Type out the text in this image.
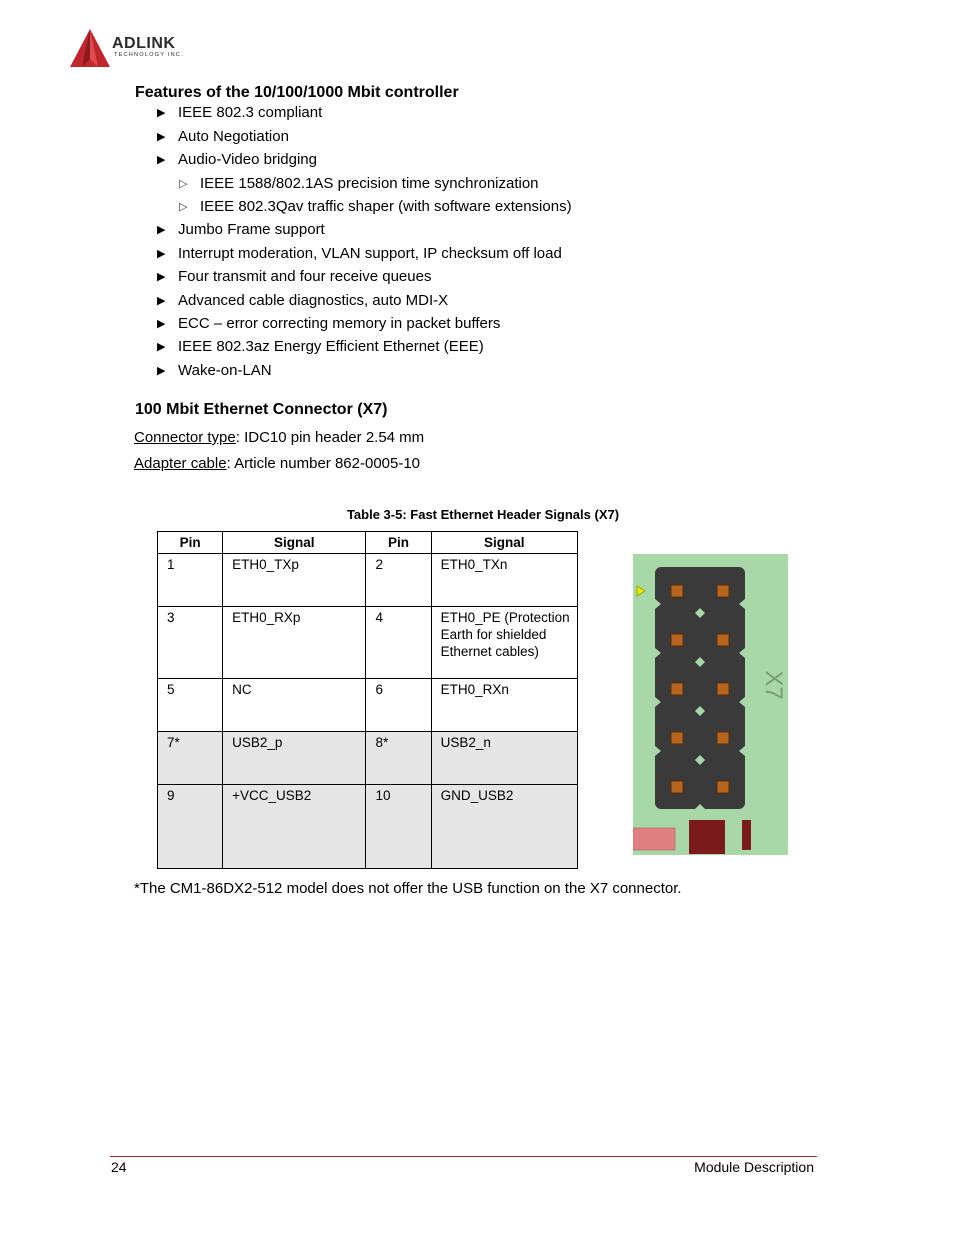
ADLINK
TECHNOLOGY INC.
Features of the 10/100/1000 Mbit controller
▶ IEEE 802.3 compliant
▶ Auto Negotiation
▶ Audio-Video bridging
▷ IEEE 1588/802.1AS precision time synchronization
▷ IEEE 802.3Qav traffic shaper (with software extensions)
▶ Jumbo Frame support
▶ Interrupt moderation, VLAN support, IP checksum off load
▶ Four transmit and four receive queues
▶ Advanced cable diagnostics, auto MDI-X
▶ ECC – error correcting memory in packet buffers
▶ IEEE 802.3az Energy Efficient Ethernet (EEE)
▶ Wake-on-LAN
100 Mbit Ethernet Connector (X7)
Connector type: IDC10 pin header 2.54 mm
Adapter cable: Article number 862-0005-10
Table 3-5: Fast Ethernet Header Signals (X7)
Pin	Signal	Pin	Signal
1	ETH0_TXp	2	ETH0_TXn
3	ETH0_RXp	4	ETH0_PE (Protection Earth for shielded Ethernet cables)
5	NC	6	ETH0_RXn
7*	USB2_p	8*	USB2_n
9	+VCC_USB2	10	GND_USB2
X7
*The CM1-86DX2-512 model does not offer the USB function on the X7 connector.
24	Module Description
